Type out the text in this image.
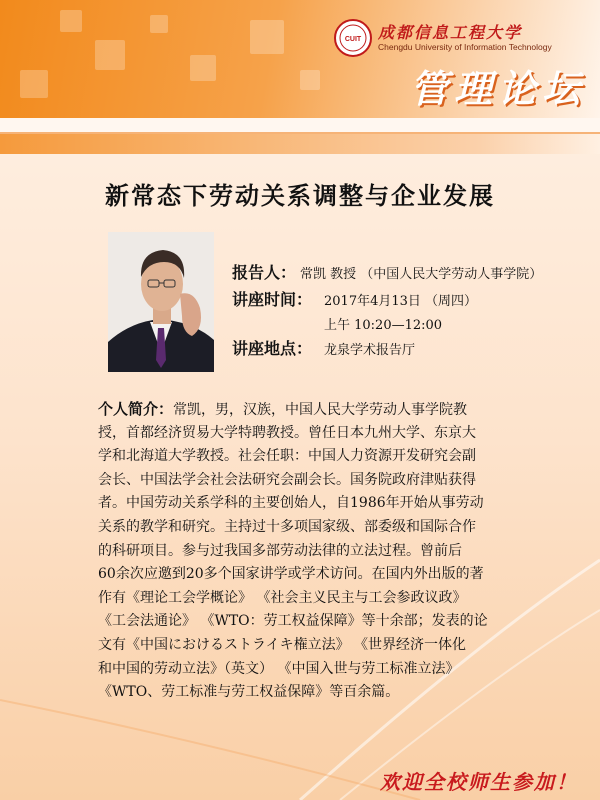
CUIT 成都信息工程大学
Chengdu University of Information Technology
管理论坛
新常态下劳动关系调整与企业发展
报告人： 常凯 教授 （中国人民大学劳动人事学院）
讲座时间： 2017年4月13日 （周四）
上午 10:20—12:00
讲座地点： 龙泉学术报告厅
个人简介：常凯，男，汉族，中国人民大学劳动人事学院教
授，首都经济贸易大学特聘教授。曾任日本九州大学、东京大
学和北海道大学教授。社会任职：中国人力资源开发研究会副
会长、中国法学会社会法研究会副会长。国务院政府津贴获得
者。中国劳动关系学科的主要创始人，自1986年开始从事劳动
关系的教学和研究。主持过十多项国家级、部委级和国际合作
的科研项目。参与过我国多部劳动法律的立法过程。曾前后
60余次应邀到20多个国家讲学或学术访问。在国内外出版的著
作有《理论工会学概论》 《社会主义民主与工会参政议政》
《工会法通论》 《WTO：劳工权益保障》等十余部；发表的论
文有《中国におけるストライキ権立法》 《世界经济一体化
和中国的劳动立法》（英文） 《中国入世与劳工标准立法》
《WTO、劳工标准与劳工权益保障》等百余篇。
欢迎全校师生参加！
